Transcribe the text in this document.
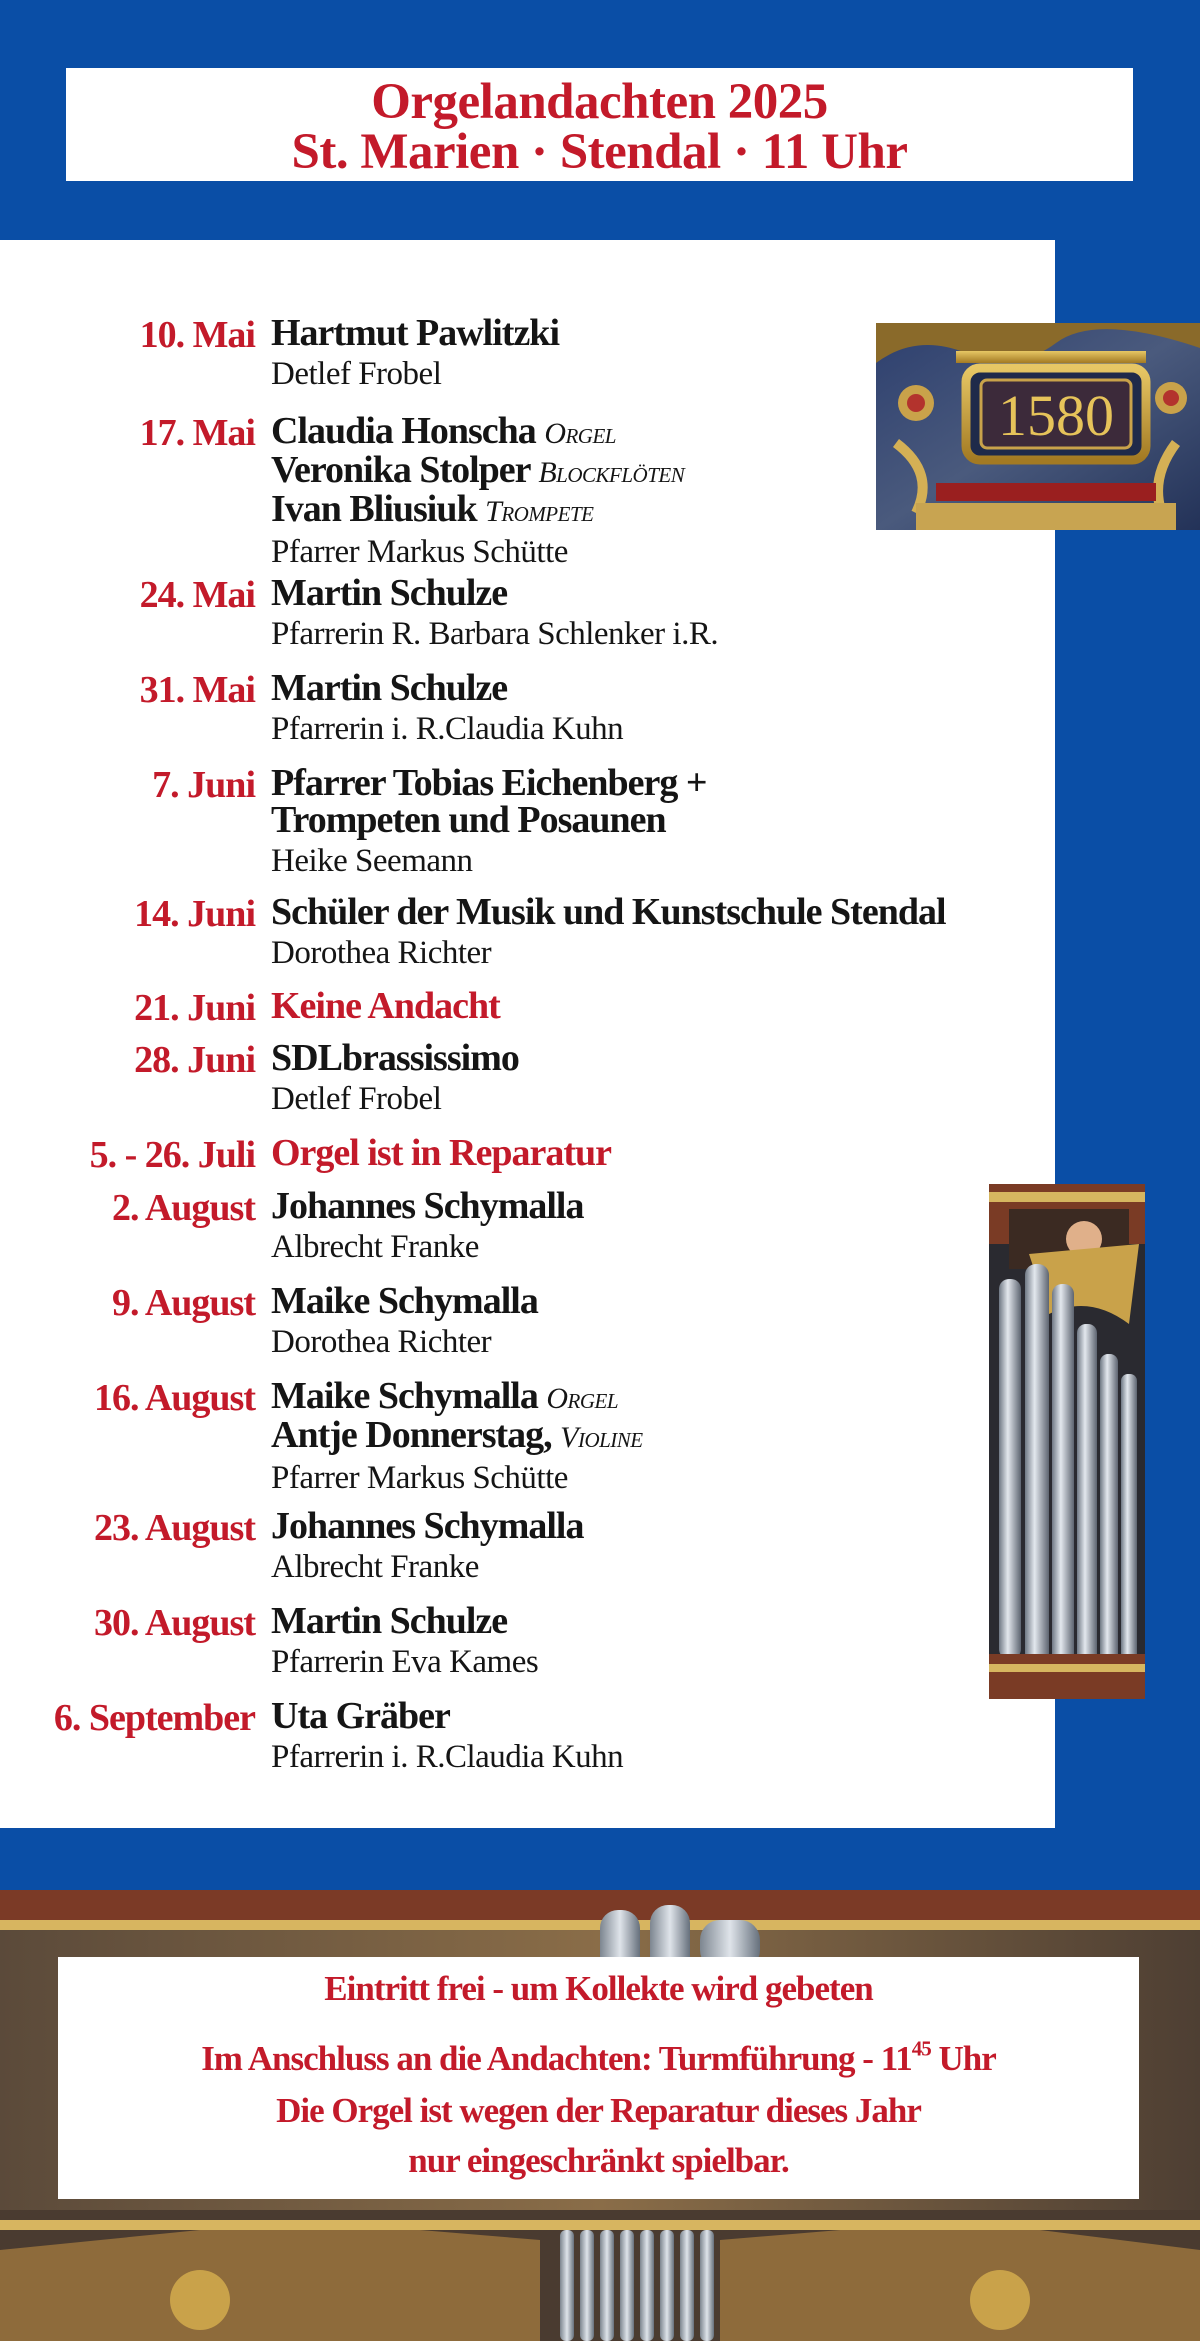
Orgelandachten 2025
St. Marien · Stendal · 11 Uhr
10. Mai Hartmut Pawlitzki
Detlef Frobel
17. Mai Claudia Honscha Orgel
Veronika Stolper Blockflöten
Ivan Bliusiuk Trompete
Pfarrer Markus Schütte
24. Mai Martin Schulze
Pfarrerin R. Barbara Schlenker i.R.
31. Mai Martin Schulze
Pfarrerin i. R.Claudia Kuhn
7. Juni Pfarrer Tobias Eichenberg +
Trompeten und Posaunen
Heike Seemann
14. Juni Schüler der Musik und Kunstschule Stendal
Dorothea Richter
21. Juni Keine Andacht
28. Juni SDLbrassissimo
Detlef Frobel
5. - 26. Juli Orgel ist in Reparatur
2. August Johannes Schymalla
Albrecht Franke
9. August Maike Schymalla
Dorothea Richter
16. August Maike Schymalla Orgel
Antje Donnerstag, Violine
Pfarrer Markus Schütte
23. August Johannes Schymalla
Albrecht Franke
30. August Martin Schulze
Pfarrerin Eva Kames
6. September Uta Gräber
Pfarrerin i. R.Claudia Kuhn
1580
Eintritt frei - um Kollekte wird gebeten
Im Anschluss an die Andachten: Turmführung - $11^{45}$ Uhr
Die Orgel ist wegen der Reparatur dieses Jahr
nur eingeschränkt spielbar.
